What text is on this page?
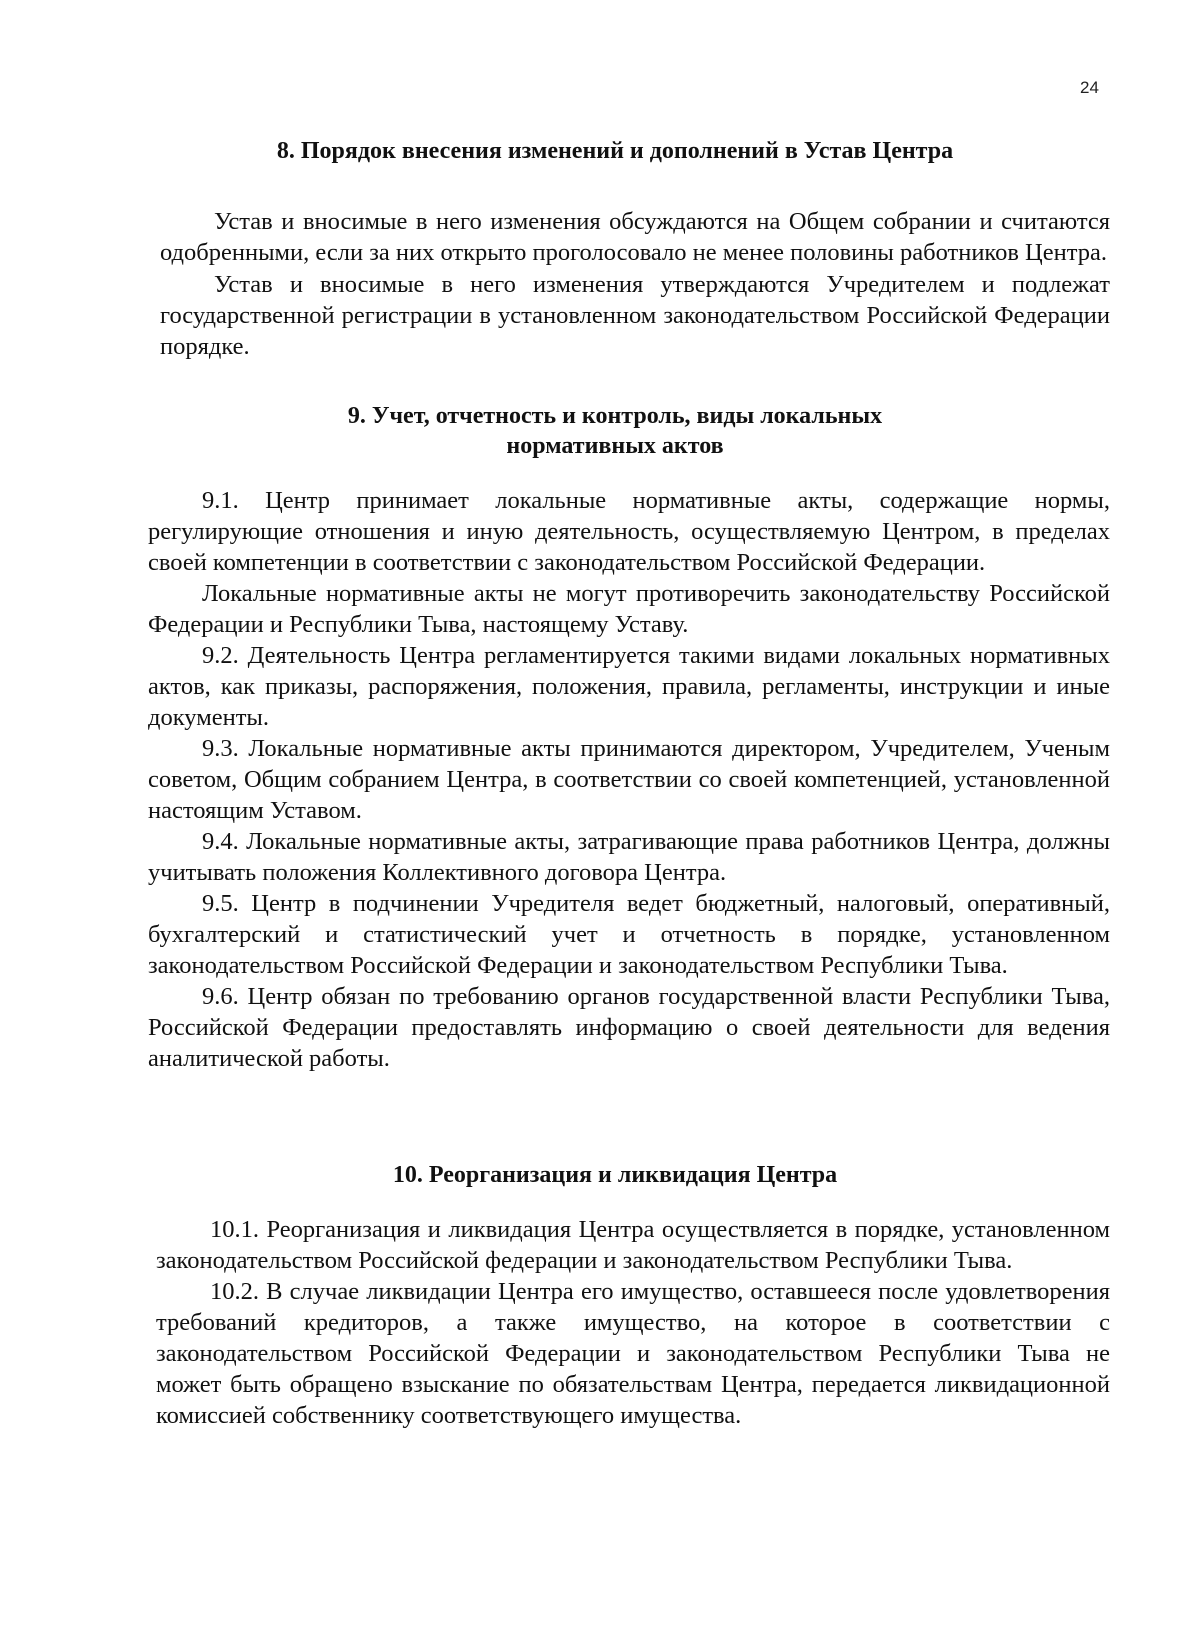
24
8. Порядок внесения изменений и дополнений в Устав Центра

Устав и вносимые в него изменения обсуждаются на Общем собрании и считаются одобренными, если за них открыто проголосовало не менее половины работников Центра.

Устав и вносимые в него изменения утверждаются Учредителем и подлежат государственной регистрации в установленном законодательством Российской Федерации порядке.

9. Учет, отчетность и контроль, виды локальных
нормативных актов

9.1. Центр принимает локальные нормативные акты, содержащие нормы, регулирующие отношения и иную деятельность, осуществляемую Центром, в пределах своей компетенции в соответствии с законодательством Российской Федерации.

Локальные нормативные акты не могут противоречить законодательству Российской Федерации и Республики Тыва, настоящему Уставу.

9.2. Деятельность Центра регламентируется такими видами локальных нормативных актов, как приказы, распоряжения, положения, правила, регламенты, инструкции и иные документы.

9.3. Локальные нормативные акты принимаются директором, Учредителем, Ученым советом, Общим собранием Центра, в соответствии со своей компетенцией, установленной настоящим Уставом.

9.4. Локальные нормативные акты, затрагивающие права работников Центра, должны учитывать положения Коллективного договора Центра.

9.5. Центр в подчинении Учредителя ведет бюджетный, налоговый, оперативный, бухгалтерский и статистический учет и отчетность в порядке, установленном законодательством Российской Федерации и законодательством Республики Тыва.

9.6. Центр обязан по требованию органов государственной власти Республики Тыва, Российской Федерации предоставлять информацию о своей деятельности для ведения аналитической работы.

10. Реорганизация и ликвидация Центра

10.1. Реорганизация и ликвидация Центра осуществляется в порядке, установленном законодательством Российской федерации и законодательством Республики Тыва.

10.2. В случае ликвидации Центра его имущество, оставшееся после удовлетворения требований кредиторов, а также имущество, на которое в соответствии с законодательством Российской Федерации и законодательством Республики Тыва не может быть обращено взыскание по обязательствам Центра, передается ликвидационной комиссией собственнику соответствующего имущества.
